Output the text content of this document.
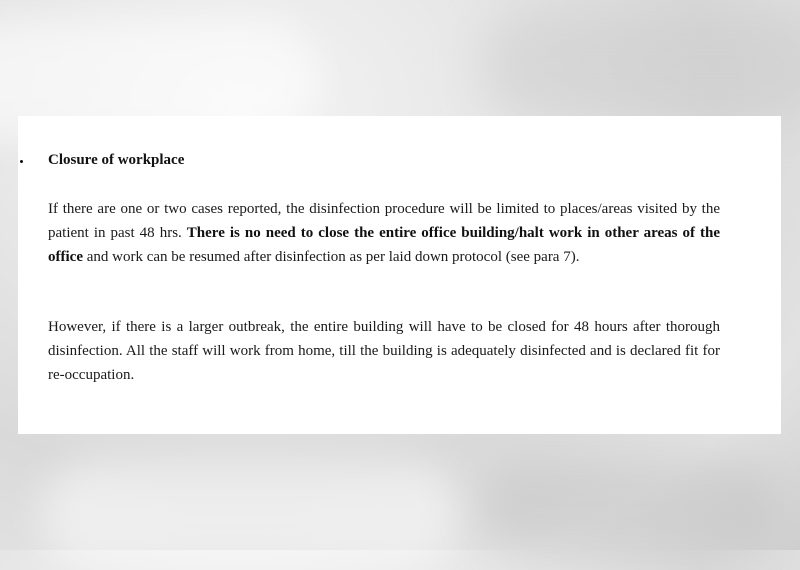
Closure of workplace

If there are one or two cases reported, the disinfection procedure will be limited to places/areas visited by the patient in past 48 hrs. There is no need to close the entire office building/halt work in other areas of the office and work can be resumed after disinfection as per laid down protocol (see para 7).

However, if there is a larger outbreak, the entire building will have to be closed for 48 hours after thorough disinfection. All the staff will work from home, till the building is adequately disinfected and is declared fit for re-occupation.
